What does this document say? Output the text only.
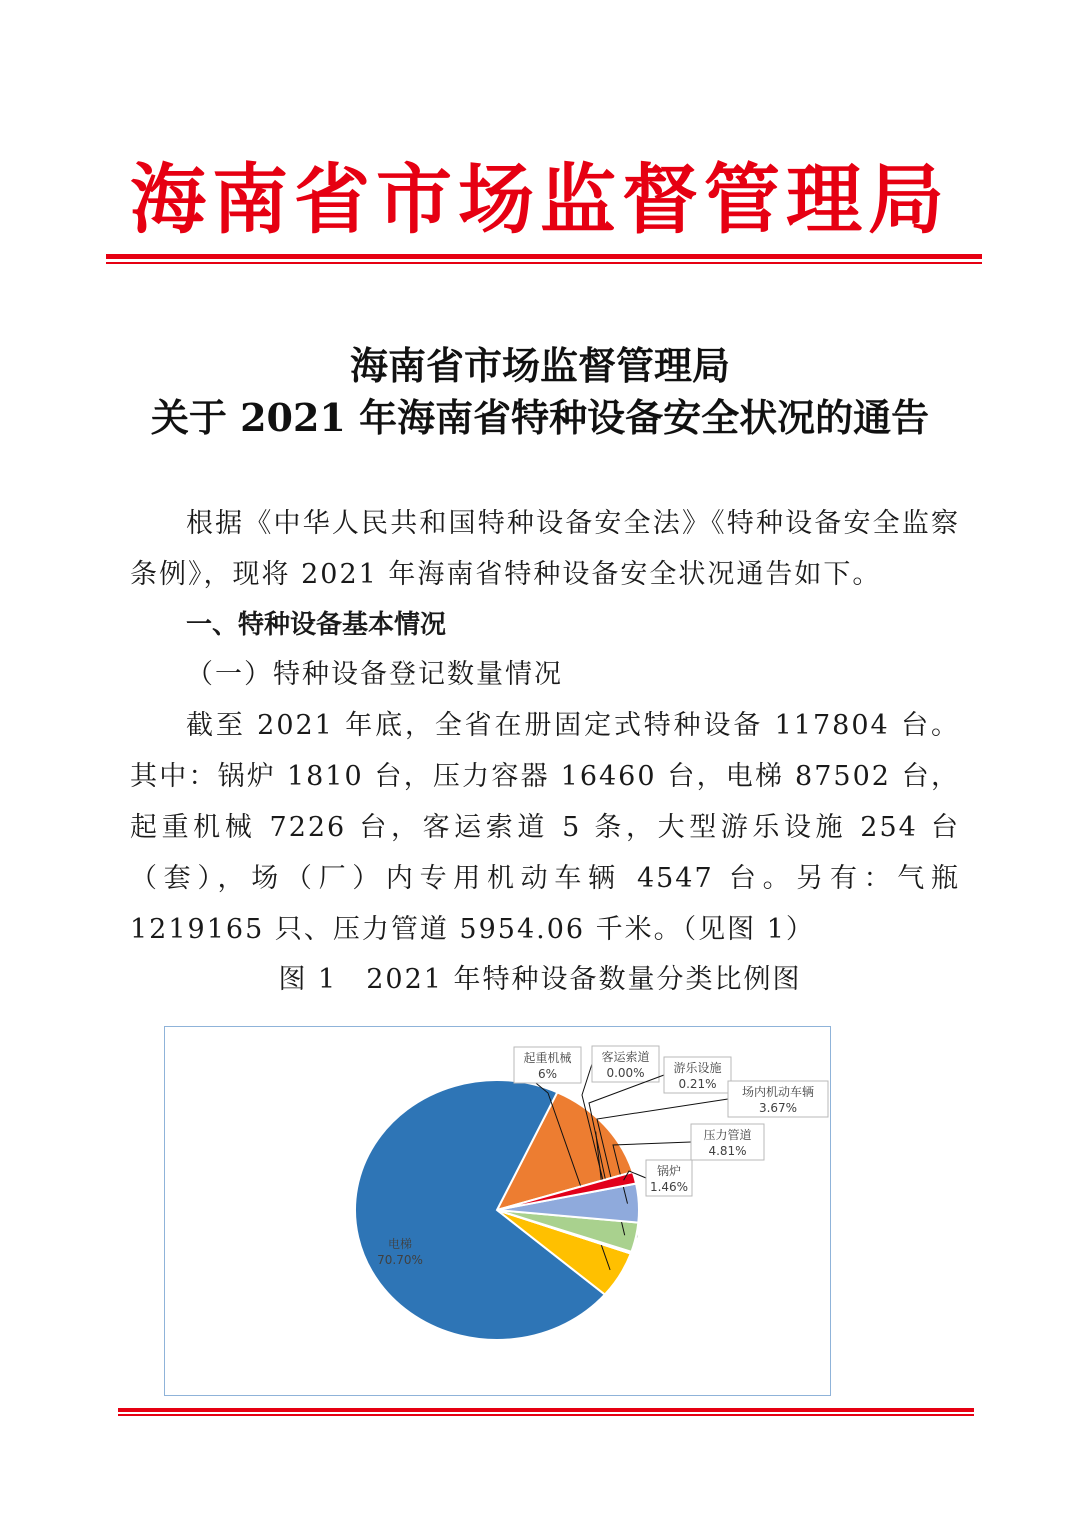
海南省市场监督管理局
海南省市场监督管理局
关于 2021 年海南省特种设备安全状况的通告
根据《中华人民共和国特种设备安全法》《特种设备安全监察条例》，现将 2021 年海南省特种设备安全状况通告如下。
一、特种设备基本情况
（一）特种设备登记数量情况
截至 2021 年底，全省在册固定式特种设备 117804 台。其中：锅炉 1810 台，压力容器 16460 台，电梯 87502 台，起重机械 7226 台，客运索道 5 条，大型游乐设施 254 台（套），场（厂）内专用机动车辆 4547 台。另有：气瓶 1219165 只、压力管道 5954.06 千米。（见图 1）
图 1　2021 年特种设备数量分类比例图
电梯
70.70%
起重机械
6%
客运索道
0.00% 游乐设施
0.21%
场内机动车辆
3.67%
压力管道
4.81%
锅炉
1.46%
